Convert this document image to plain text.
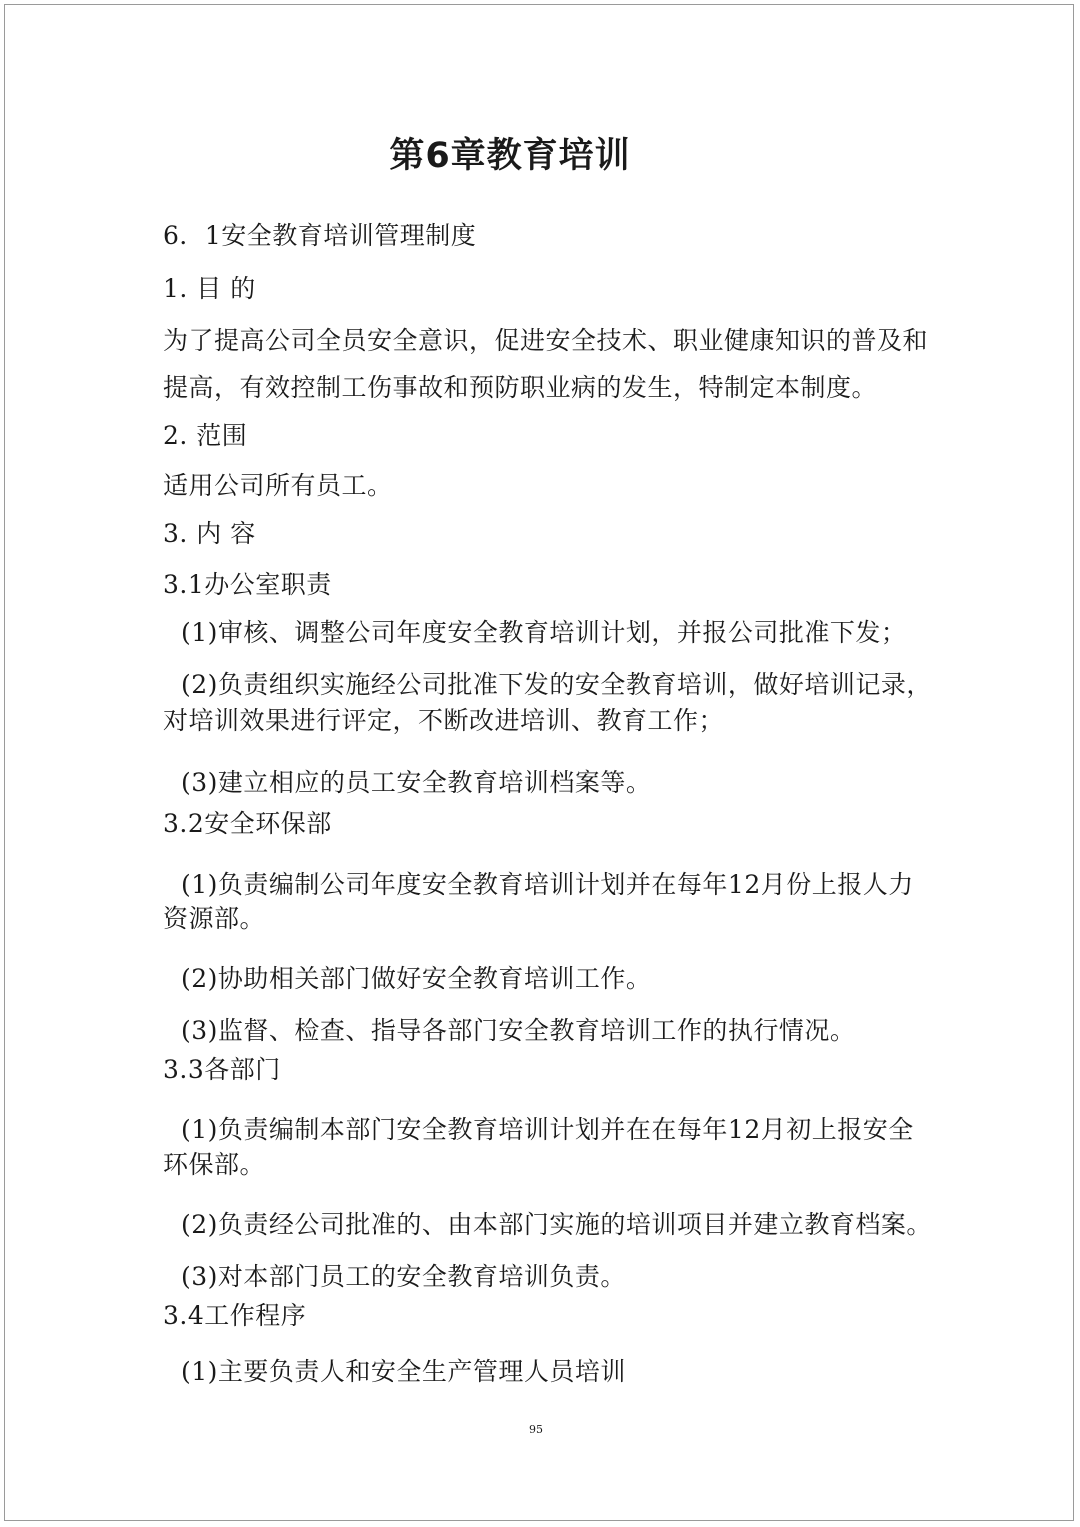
第6章教育培训
6．1安全教育培训管理制度
1. 目 的
为了提高公司全员安全意识，促进安全技术、职业健康知识的普及和
提高，有效控制工伤事故和预防职业病的发生，特制定本制度。
2. 范围
适用公司所有员工。
3. 内 容
3.1办公室职责
(1)审核、调整公司年度安全教育培训计划，并报公司批准下发；
(2)负责组织实施经公司批准下发的安全教育培训，做好培训记录，
对培训效果进行评定，不断改进培训、教育工作；
(3)建立相应的员工安全教育培训档案等。
3.2安全环保部
(1)负责编制公司年度安全教育培训计划并在每年12月份上报人力
资源部。
(2)协助相关部门做好安全教育培训工作。
(3)监督、检查、指导各部门安全教育培训工作的执行情况。
3.3各部门
(1)负责编制本部门安全教育培训计划并在在每年12月初上报安全
环保部。
(2)负责经公司批准的、由本部门实施的培训项目并建立教育档案。
(3)对本部门员工的安全教育培训负责。
3.4工作程序
(1)主要负责人和安全生产管理人员培训
95
